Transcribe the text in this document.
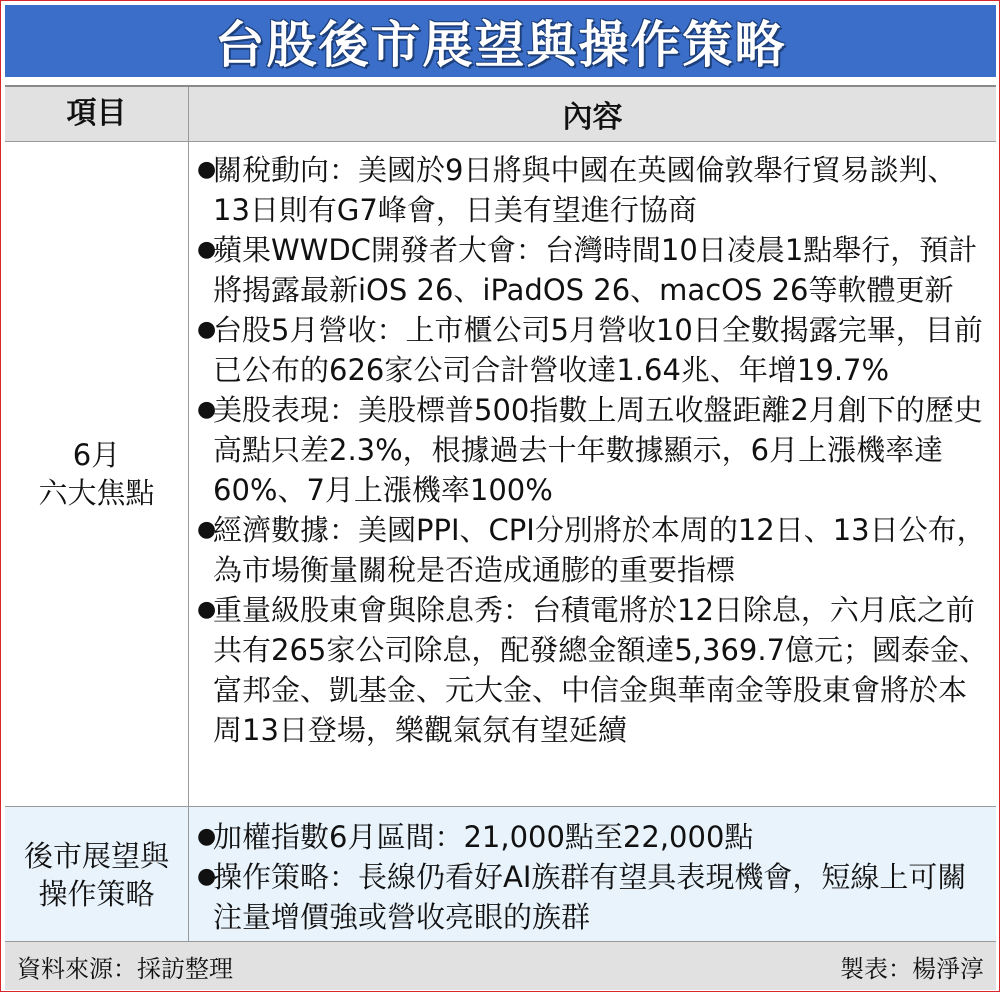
台股後市展望與操作策略
項目	內容
6月
六大焦點
●
關稅動向：美國於9日將與中國在英國倫敦舉行貿易談判、13日則有G7峰會，日美有望進行協商
●
蘋果WWDC開發者大會：台灣時間10日凌晨1點舉行，預計將揭露最新iOS 26、iPadOS 26、macOS 26等軟體更新
●
台股5月營收：上市櫃公司5月營收10日全數揭露完畢，目前已公布的626家公司合計營收達1.64兆、年增19.7%
●
美股表現：美股標普500指數上周五收盤距離2月創下的歷史高點只差2.3%，根據過去十年數據顯示，6月上漲機率達60%、7月上漲機率100%
●
經濟數據：美國PPI、CPI分別將於本周的12日、13日公布，為市場衡量關稅是否造成通膨的重要指標
●
重量級股東會與除息秀：台積電將於12日除息，六月底之前共有265家公司除息，配發總金額達5,369.7億元；國泰金、富邦金、凱基金、元大金、中信金與華南金等股東會將於本周13日登場，樂觀氣氛有望延續
後市展望與
操作策略
●
加權指數6月區間：21,000點至22,000點
●
操作策略：長線仍看好AI族群有望具表現機會，短線上可關注量增價強或營收亮眼的族群
資料來源：採訪整理	製表：楊淨淳
